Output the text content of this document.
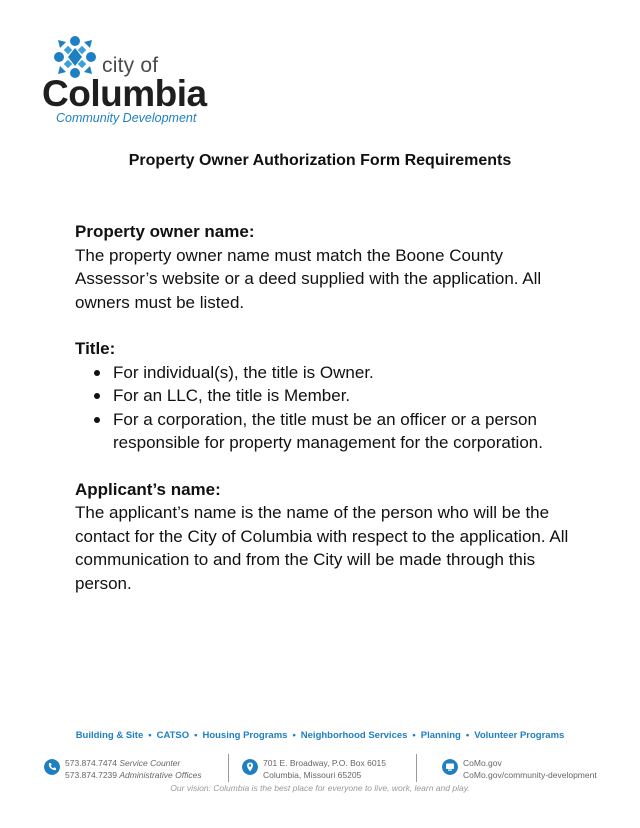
city of
Columbia
Community Development
Property Owner Authorization Form Requirements
Property owner name:
The property owner name must match the Boone County Assessor’s website or a deed supplied with the application. All owners must be listed.
Title:
For individual(s), the title is Owner.
For an LLC, the title is Member.
For a corporation, the title must be an officer or a person responsible for property management for the corporation.
Applicant’s name:
The applicant’s name is the name of the person who will be the contact for the City of Columbia with respect to the application. All communication to and from the City will be made through this person.
Building & Site • CATSO • Housing Programs • Neighborhood Services • Planning • Volunteer Programs
573.874.7474 Service Counter
573.874.7239 Administrative Offices
701 E. Broadway, P.O. Box 6015
Columbia, Missouri 65205
CoMo.gov
CoMo.gov/community-development
Our vision: Columbia is the best place for everyone to live, work, learn and play.
